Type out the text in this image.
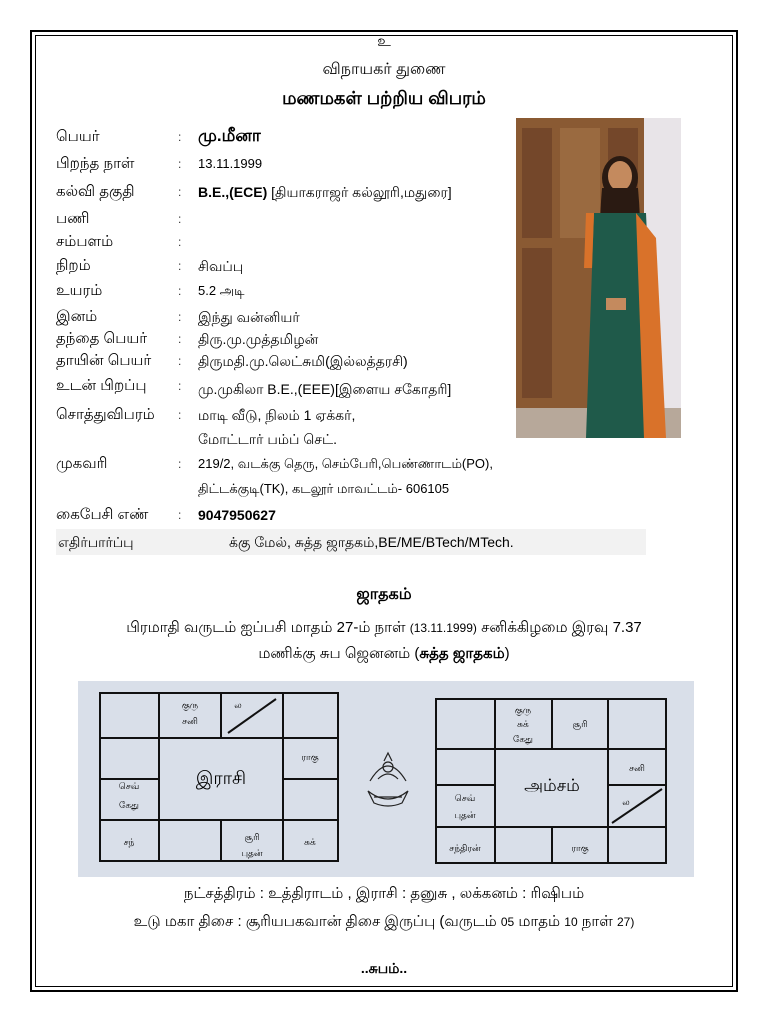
உ
விநாயகர் துணை
மணமகள் பற்றிய விபரம்
பெயர்	: மு.மீனா
பிறந்த நாள்	:	13.11.1999
கல்வி தகுதி	:	B.E.,(ECE) [தியாகராஜர் கல்லூரி,மதுரை]
பணி	:
சம்பளம்	:
நிறம்	:	சிவப்பு
உயரம்	:	5.2 அடி
இனம்	:	இந்து வன்னியர்
தந்தை பெயர்	:	திரு.மு.முத்தமிழன்
தாயின் பெயர்	:	திருமதி.மு.லெட்சுமி(இல்லத்தரசி)
உடன் பிறப்பு	:	மு.முகிலா B.E.,(EEE)[இளைய சகோதரி]
சொத்துவிபரம்	:	மாடி வீடு, நிலம் 1 ஏக்கர்,
மோட்டார் பம்ப் செட்.
முகவரி	:	219/2, வடக்கு தெரு, செம்பேரி,பெண்ணாடம்(PO),
திட்டக்குடி(TK), கடலூர் மாவட்டம்- 606105
கைபேசி எண்	:	9047950627
எதிர்பார்ப்பு	க்கு மேல், சுத்த ஜாதகம்,BE/ME/BTech/MTech.
ஜாதகம்
பிரமாதி வருடம் ஐப்பசி மாதம் 27-ம் நாள் (13.11.1999) சனிக்கிழமை இரவு 7.37
மணிக்கு சுப ஜெனனம் (சுத்த ஜாதகம்)
குரு
சனி
ல
ராகு
செவ்
கேது
சந்	சூரி
புதன்
சுக்
இராசி
குரு
சுக்
கேது
சூரி
சனி
செவ்
புதன்
ல
சந்திரன்	ராகு
அம்சம்
நட்சத்திரம் : உத்திராடம் , இராசி : தனுசு , லக்கனம் : ரிஷிபம்
உடு மகா திசை : சூரியபகவான் திசை இருப்பு (வருடம் 05 மாதம் 10 நாள் 27)
..சுபம்..
